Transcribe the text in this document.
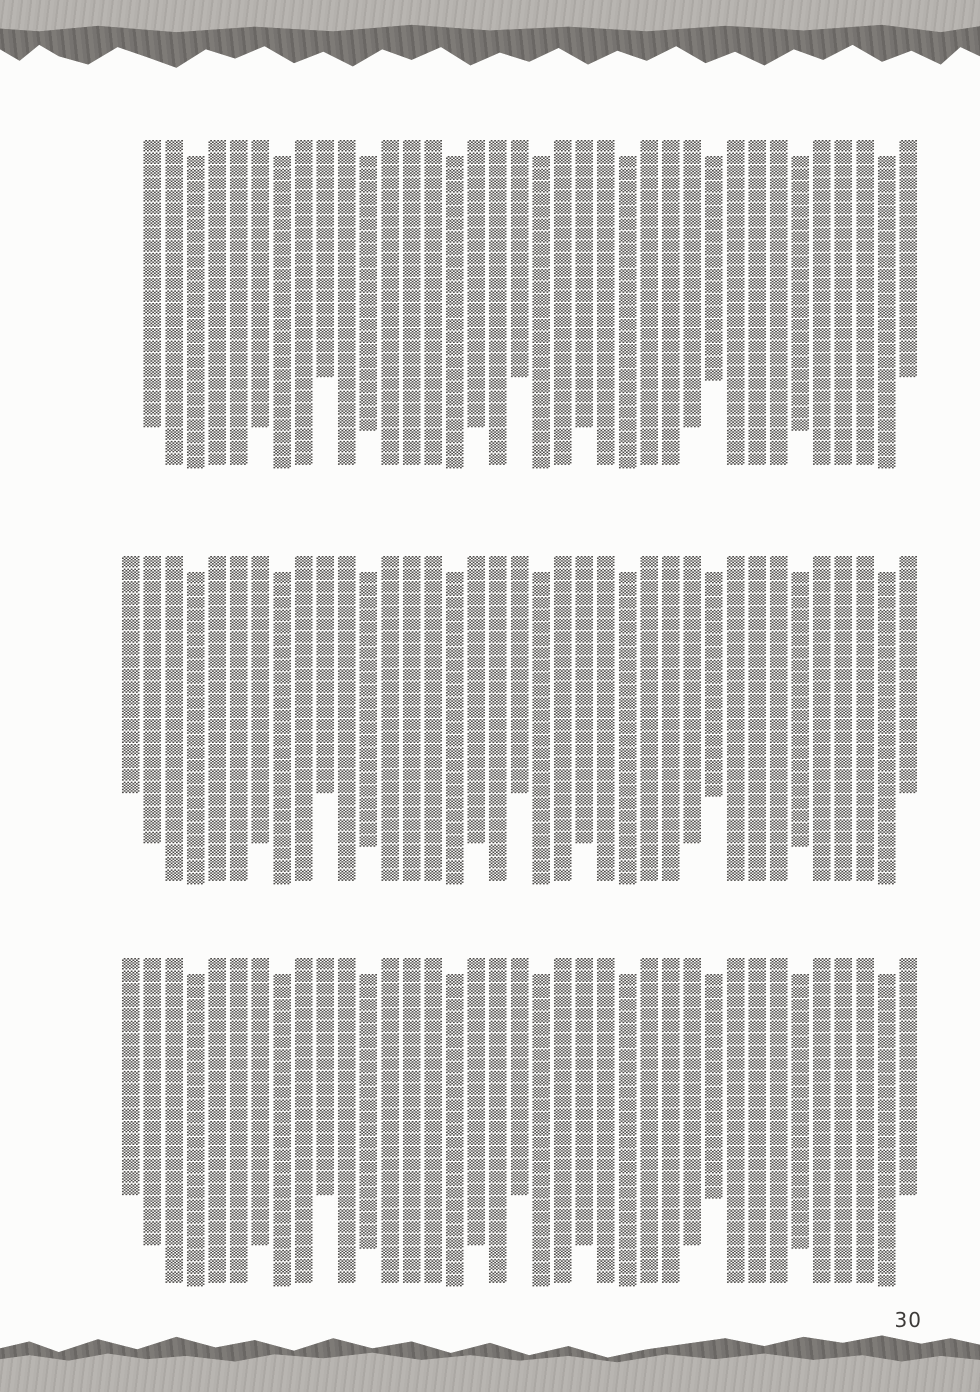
▒▒▒▒▒▒▒▒▒▒▒▒▒▒▒▒▒▒▒
　▒▒▒▒▒▒▒▒▒▒▒▒▒▒▒▒▒▒▒▒▒▒▒▒▒
▒▒▒▒▒▒▒▒▒▒▒▒▒▒▒▒▒▒▒▒▒▒▒▒▒▒
▒▒▒▒▒▒▒▒▒▒▒▒▒▒▒▒▒▒▒▒▒▒▒▒▒▒
▒▒▒▒▒▒▒▒▒▒▒▒▒▒▒▒▒▒▒▒▒▒▒▒▒▒
　▒▒▒▒▒▒▒▒▒▒▒▒▒▒▒▒▒▒▒▒▒▒
▒▒▒▒▒▒▒▒▒▒▒▒▒▒▒▒▒▒▒▒▒▒▒▒▒▒
▒▒▒▒▒▒▒▒▒▒▒▒▒▒▒▒▒▒▒▒▒▒▒▒▒▒
▒▒▒▒▒▒▒▒▒▒▒▒▒▒▒▒▒▒▒▒▒▒▒▒▒▒
　▒▒▒▒▒▒▒▒▒▒▒▒▒▒▒▒▒▒
▒▒▒▒▒▒▒▒▒▒▒▒▒▒▒▒▒▒▒▒▒▒▒
▒▒▒▒▒▒▒▒▒▒▒▒▒▒▒▒▒▒▒▒▒▒▒▒▒▒
▒▒▒▒▒▒▒▒▒▒▒▒▒▒▒▒▒▒▒▒▒▒▒▒▒▒
　▒▒▒▒▒▒▒▒▒▒▒▒▒▒▒▒▒▒▒▒▒▒▒▒▒
▒▒▒▒▒▒▒▒▒▒▒▒▒▒▒▒▒▒▒▒▒▒▒▒▒▒
▒▒▒▒▒▒▒▒▒▒▒▒▒▒▒▒▒▒▒▒▒▒▒
▒▒▒▒▒▒▒▒▒▒▒▒▒▒▒▒▒▒▒▒▒▒▒▒▒▒
　▒▒▒▒▒▒▒▒▒▒▒▒▒▒▒▒▒▒▒▒▒▒▒▒▒
▒▒▒▒▒▒▒▒▒▒▒▒▒▒▒▒▒▒▒
▒▒▒▒▒▒▒▒▒▒▒▒▒▒▒▒▒▒▒▒▒▒▒▒▒▒
▒▒▒▒▒▒▒▒▒▒▒▒▒▒▒▒▒▒▒▒▒▒▒
　▒▒▒▒▒▒▒▒▒▒▒▒▒▒▒▒▒▒▒▒▒▒▒▒▒
▒▒▒▒▒▒▒▒▒▒▒▒▒▒▒▒▒▒▒▒▒▒▒▒▒▒
▒▒▒▒▒▒▒▒▒▒▒▒▒▒▒▒▒▒▒▒▒▒▒▒▒▒
▒▒▒▒▒▒▒▒▒▒▒▒▒▒▒▒▒▒▒▒▒▒▒▒▒▒
　▒▒▒▒▒▒▒▒▒▒▒▒▒▒▒▒▒▒▒▒▒▒
▒▒▒▒▒▒▒▒▒▒▒▒▒▒▒▒▒▒▒▒▒▒▒▒▒▒
▒▒▒▒▒▒▒▒▒▒▒▒▒▒▒▒▒▒▒
▒▒▒▒▒▒▒▒▒▒▒▒▒▒▒▒▒▒▒▒▒▒▒▒▒▒
　▒▒▒▒▒▒▒▒▒▒▒▒▒▒▒▒▒▒▒▒▒▒▒▒▒
▒▒▒▒▒▒▒▒▒▒▒▒▒▒▒▒▒▒▒▒▒▒▒
▒▒▒▒▒▒▒▒▒▒▒▒▒▒▒▒▒▒▒▒▒▒▒▒▒▒
▒▒▒▒▒▒▒▒▒▒▒▒▒▒▒▒▒▒▒▒▒▒▒▒▒▒
　▒▒▒▒▒▒▒▒▒▒▒▒▒▒▒▒▒▒▒▒▒▒▒▒▒
▒▒▒▒▒▒▒▒▒▒▒▒▒▒▒▒▒▒▒▒▒▒▒▒▒▒
▒▒▒▒▒▒▒▒▒▒▒▒▒▒▒▒▒▒▒▒▒▒▒
▒▒▒▒▒▒▒▒▒▒▒▒▒▒▒▒▒▒▒
　▒▒▒▒▒▒▒▒▒▒▒▒▒▒▒▒▒▒▒▒▒▒▒▒▒
▒▒▒▒▒▒▒▒▒▒▒▒▒▒▒▒▒▒▒▒▒▒▒▒▒▒
▒▒▒▒▒▒▒▒▒▒▒▒▒▒▒▒▒▒▒▒▒▒▒▒▒▒
▒▒▒▒▒▒▒▒▒▒▒▒▒▒▒▒▒▒▒▒▒▒▒▒▒▒
　▒▒▒▒▒▒▒▒▒▒▒▒▒▒▒▒▒▒▒▒▒▒
▒▒▒▒▒▒▒▒▒▒▒▒▒▒▒▒▒▒▒▒▒▒▒▒▒▒
▒▒▒▒▒▒▒▒▒▒▒▒▒▒▒▒▒▒▒▒▒▒▒▒▒▒
▒▒▒▒▒▒▒▒▒▒▒▒▒▒▒▒▒▒▒▒▒▒▒▒▒▒
　▒▒▒▒▒▒▒▒▒▒▒▒▒▒▒▒▒▒
▒▒▒▒▒▒▒▒▒▒▒▒▒▒▒▒▒▒▒▒▒▒▒
▒▒▒▒▒▒▒▒▒▒▒▒▒▒▒▒▒▒▒▒▒▒▒▒▒▒
▒▒▒▒▒▒▒▒▒▒▒▒▒▒▒▒▒▒▒▒▒▒▒▒▒▒
　▒▒▒▒▒▒▒▒▒▒▒▒▒▒▒▒▒▒▒▒▒▒▒▒▒
▒▒▒▒▒▒▒▒▒▒▒▒▒▒▒▒▒▒▒▒▒▒▒▒▒▒
▒▒▒▒▒▒▒▒▒▒▒▒▒▒▒▒▒▒▒▒▒▒▒
▒▒▒▒▒▒▒▒▒▒▒▒▒▒▒▒▒▒▒▒▒▒▒▒▒▒
　▒▒▒▒▒▒▒▒▒▒▒▒▒▒▒▒▒▒▒▒▒▒▒▒▒
▒▒▒▒▒▒▒▒▒▒▒▒▒▒▒▒▒▒▒
▒▒▒▒▒▒▒▒▒▒▒▒▒▒▒▒▒▒▒▒▒▒▒▒▒▒
▒▒▒▒▒▒▒▒▒▒▒▒▒▒▒▒▒▒▒▒▒▒▒
　▒▒▒▒▒▒▒▒▒▒▒▒▒▒▒▒▒▒▒▒▒▒▒▒▒
▒▒▒▒▒▒▒▒▒▒▒▒▒▒▒▒▒▒▒▒▒▒▒▒▒▒
▒▒▒▒▒▒▒▒▒▒▒▒▒▒▒▒▒▒▒▒▒▒▒▒▒▒
▒▒▒▒▒▒▒▒▒▒▒▒▒▒▒▒▒▒▒▒▒▒▒▒▒▒
　▒▒▒▒▒▒▒▒▒▒▒▒▒▒▒▒▒▒▒▒▒▒
▒▒▒▒▒▒▒▒▒▒▒▒▒▒▒▒▒▒▒▒▒▒▒▒▒▒
▒▒▒▒▒▒▒▒▒▒▒▒▒▒▒▒▒▒▒
▒▒▒▒▒▒▒▒▒▒▒▒▒▒▒▒▒▒▒▒▒▒▒▒▒▒
　▒▒▒▒▒▒▒▒▒▒▒▒▒▒▒▒▒▒▒▒▒▒▒▒▒
▒▒▒▒▒▒▒▒▒▒▒▒▒▒▒▒▒▒▒▒▒▒▒
▒▒▒▒▒▒▒▒▒▒▒▒▒▒▒▒▒▒▒▒▒▒▒▒▒▒
▒▒▒▒▒▒▒▒▒▒▒▒▒▒▒▒▒▒▒▒▒▒▒▒▒▒
　▒▒▒▒▒▒▒▒▒▒▒▒▒▒▒▒▒▒▒▒▒▒▒▒▒
▒▒▒▒▒▒▒▒▒▒▒▒▒▒▒▒▒▒▒▒▒▒▒▒▒▒
▒▒▒▒▒▒▒▒▒▒▒▒▒▒▒▒▒▒▒▒▒▒▒
▒▒▒▒▒▒▒▒▒▒▒▒▒▒▒▒▒▒▒
▒▒▒▒▒▒▒▒▒▒▒▒▒▒▒▒▒▒▒
　▒▒▒▒▒▒▒▒▒▒▒▒▒▒▒▒▒▒▒▒▒▒▒▒▒
▒▒▒▒▒▒▒▒▒▒▒▒▒▒▒▒▒▒▒▒▒▒▒▒▒▒
▒▒▒▒▒▒▒▒▒▒▒▒▒▒▒▒▒▒▒▒▒▒▒▒▒▒
▒▒▒▒▒▒▒▒▒▒▒▒▒▒▒▒▒▒▒▒▒▒▒▒▒▒
　▒▒▒▒▒▒▒▒▒▒▒▒▒▒▒▒▒▒▒▒▒▒
▒▒▒▒▒▒▒▒▒▒▒▒▒▒▒▒▒▒▒▒▒▒▒▒▒▒
▒▒▒▒▒▒▒▒▒▒▒▒▒▒▒▒▒▒▒▒▒▒▒▒▒▒
▒▒▒▒▒▒▒▒▒▒▒▒▒▒▒▒▒▒▒▒▒▒▒▒▒▒
　▒▒▒▒▒▒▒▒▒▒▒▒▒▒▒▒▒▒
▒▒▒▒▒▒▒▒▒▒▒▒▒▒▒▒▒▒▒▒▒▒▒
▒▒▒▒▒▒▒▒▒▒▒▒▒▒▒▒▒▒▒▒▒▒▒▒▒▒
▒▒▒▒▒▒▒▒▒▒▒▒▒▒▒▒▒▒▒▒▒▒▒▒▒▒
　▒▒▒▒▒▒▒▒▒▒▒▒▒▒▒▒▒▒▒▒▒▒▒▒▒
▒▒▒▒▒▒▒▒▒▒▒▒▒▒▒▒▒▒▒▒▒▒▒▒▒▒
▒▒▒▒▒▒▒▒▒▒▒▒▒▒▒▒▒▒▒▒▒▒▒
▒▒▒▒▒▒▒▒▒▒▒▒▒▒▒▒▒▒▒▒▒▒▒▒▒▒
　▒▒▒▒▒▒▒▒▒▒▒▒▒▒▒▒▒▒▒▒▒▒▒▒▒
▒▒▒▒▒▒▒▒▒▒▒▒▒▒▒▒▒▒▒
▒▒▒▒▒▒▒▒▒▒▒▒▒▒▒▒▒▒▒▒▒▒▒▒▒▒
▒▒▒▒▒▒▒▒▒▒▒▒▒▒▒▒▒▒▒▒▒▒▒
　▒▒▒▒▒▒▒▒▒▒▒▒▒▒▒▒▒▒▒▒▒▒▒▒▒
▒▒▒▒▒▒▒▒▒▒▒▒▒▒▒▒▒▒▒▒▒▒▒▒▒▒
▒▒▒▒▒▒▒▒▒▒▒▒▒▒▒▒▒▒▒▒▒▒▒▒▒▒
▒▒▒▒▒▒▒▒▒▒▒▒▒▒▒▒▒▒▒▒▒▒▒▒▒▒
　▒▒▒▒▒▒▒▒▒▒▒▒▒▒▒▒▒▒▒▒▒▒
▒▒▒▒▒▒▒▒▒▒▒▒▒▒▒▒▒▒▒▒▒▒▒▒▒▒
▒▒▒▒▒▒▒▒▒▒▒▒▒▒▒▒▒▒▒
▒▒▒▒▒▒▒▒▒▒▒▒▒▒▒▒▒▒▒▒▒▒▒▒▒▒
　▒▒▒▒▒▒▒▒▒▒▒▒▒▒▒▒▒▒▒▒▒▒▒▒▒
▒▒▒▒▒▒▒▒▒▒▒▒▒▒▒▒▒▒▒▒▒▒▒
▒▒▒▒▒▒▒▒▒▒▒▒▒▒▒▒▒▒▒▒▒▒▒▒▒▒
▒▒▒▒▒▒▒▒▒▒▒▒▒▒▒▒▒▒▒▒▒▒▒▒▒▒
　▒▒▒▒▒▒▒▒▒▒▒▒▒▒▒▒▒▒▒▒▒▒▒▒▒
▒▒▒▒▒▒▒▒▒▒▒▒▒▒▒▒▒▒▒▒▒▒▒▒▒▒
▒▒▒▒▒▒▒▒▒▒▒▒▒▒▒▒▒▒▒▒▒▒▒
▒▒▒▒▒▒▒▒▒▒▒▒▒▒▒▒▒▒▒
30
